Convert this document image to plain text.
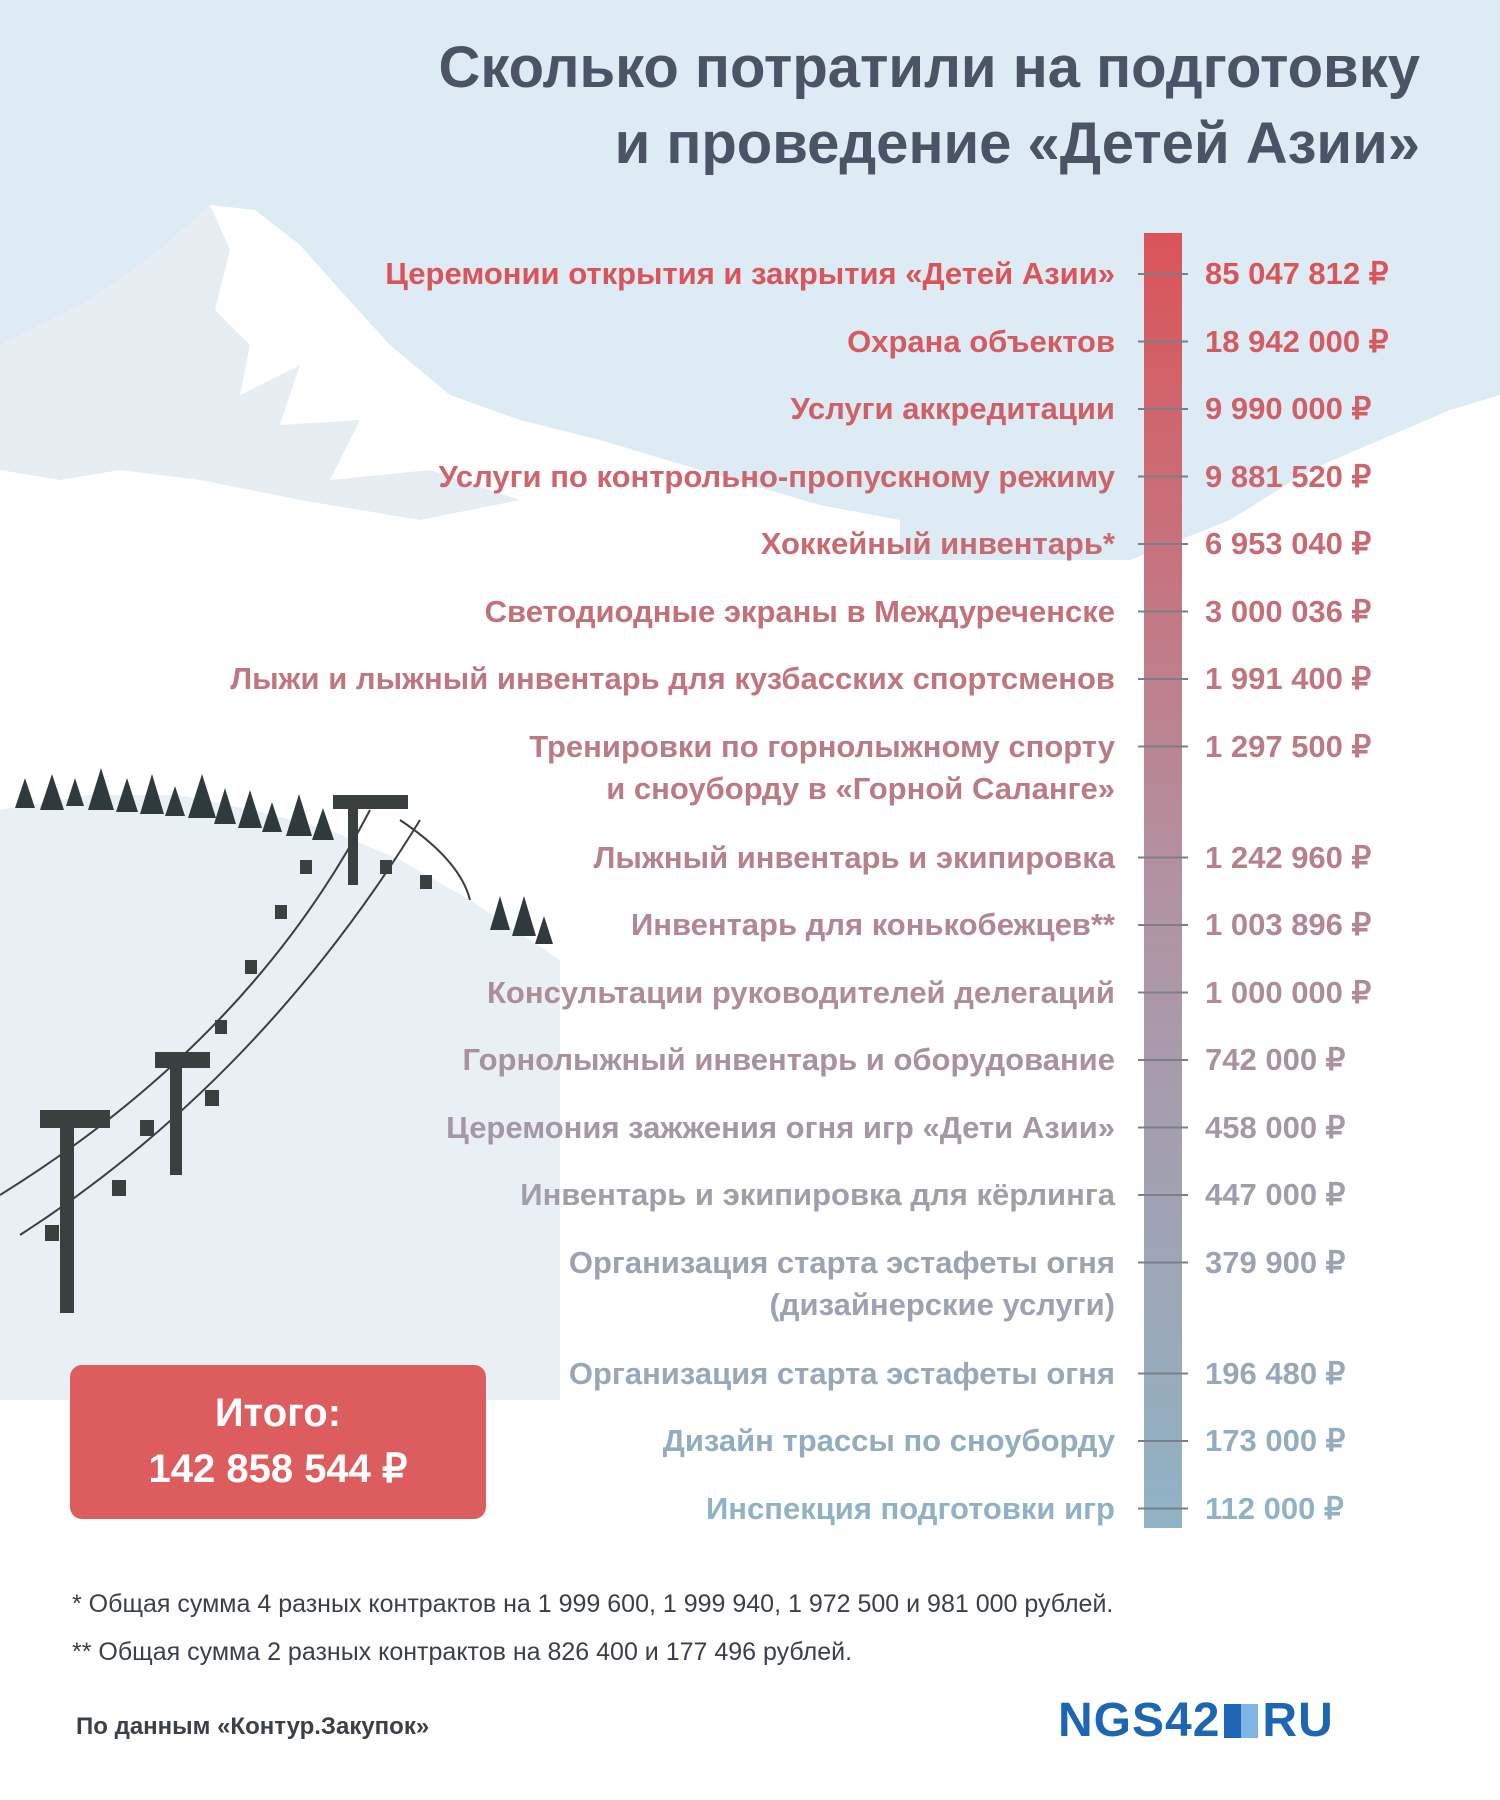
Сколько потратили на подготовку
и проведение «Детей Азии»
Итого:
142 858 544 ₽
* Общая сумма 4 разных контрактов на 1 999 600, 1 999 940, 1 972 500 и 981 000 рублей.
** Общая сумма 2 разных контрактов на 826 400 и 177 496 рублей.
По данным «Контур.Закупок»	NGS42 RU
Церемонии открытия и закрытия «Детей Азии»	85 047 812 ₽
Охрана объектов	18 942 000 ₽
Услуги аккредитации	9 990 000 ₽
Услуги по контрольно-пропускному режиму	9 881 520 ₽
Хоккейный инвентарь*	6 953 040 ₽
Светодиодные экраны в Междуреченске	3 000 036 ₽
Лыжи и лыжный инвентарь для кузбасских спортсменов	1 991 400 ₽
Тренировки по горнолыжному спорту
и сноуборду в «Горной Саланге»
1 297 500 ₽
Лыжный инвентарь и экипировка	1 242 960 ₽
Инвентарь для конькобежцев**	1 003 896 ₽
Консультации руководителей делегаций	1 000 000 ₽
Горнолыжный инвентарь и оборудование	742 000 ₽
Церемония зажжения огня игр «Дети Азии»	458 000 ₽
Инвентарь и экипировка для кёрлинга	447 000 ₽
Организация старта эстафеты огня
(дизайнерские услуги)
379 900 ₽
Организация старта эстафеты огня	196 480 ₽
Дизайн трассы по сноуборду	173 000 ₽
Инспекция подготовки игр	112 000 ₽
